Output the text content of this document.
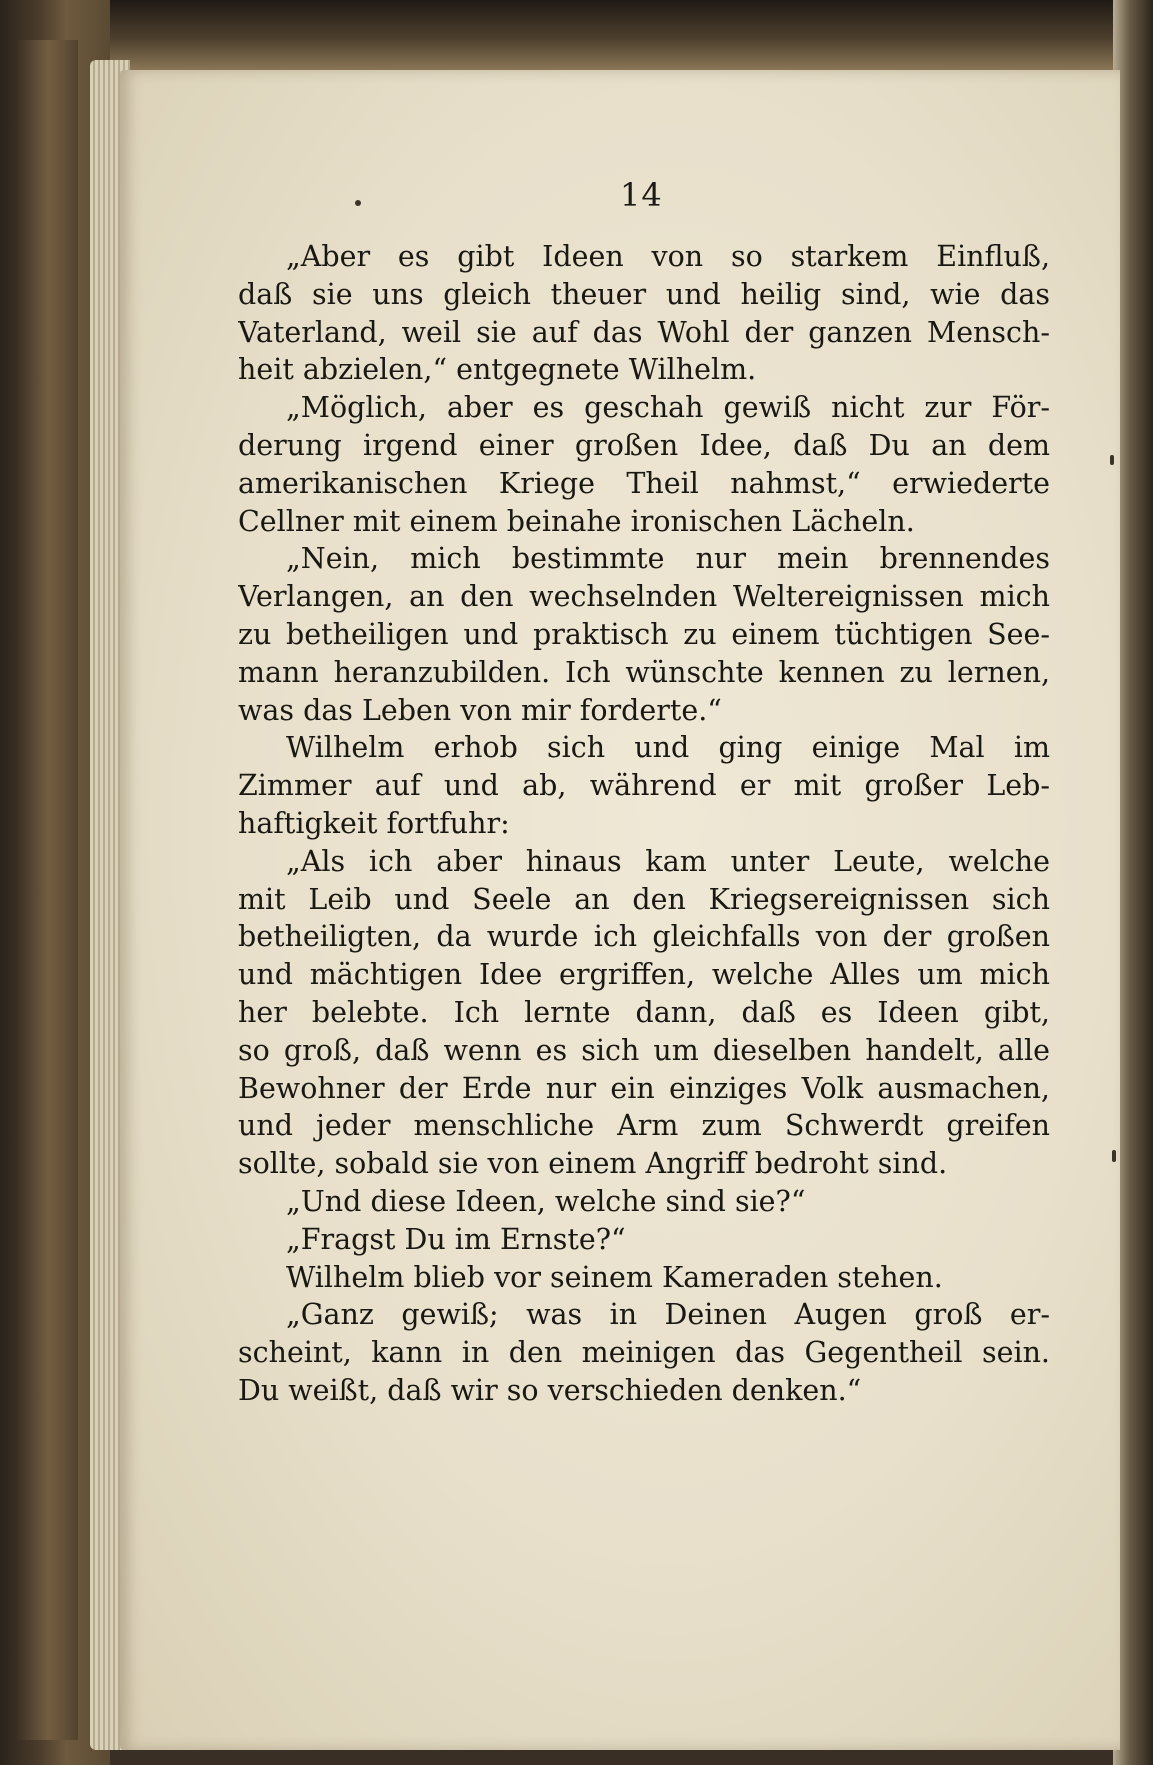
14
„Aber es gibt Ideen von so starkem Einfluß,
daß sie uns gleich theuer und heilig sind, wie das
Vaterland, weil sie auf das Wohl der ganzen Mensch-
heit abzielen,“ entgegnete Wilhelm.
„Möglich, aber es geschah gewiß nicht zur För-
derung irgend einer großen Idee, daß Du an dem
amerikanischen Kriege Theil nahmst,“ erwiederte
Cellner mit einem beinahe ironischen Lächeln.
„Nein, mich bestimmte nur mein brennendes
Verlangen, an den wechselnden Weltereignissen mich
zu betheiligen und praktisch zu einem tüchtigen See-
mann heranzubilden. Ich wünschte kennen zu lernen,
was das Leben von mir forderte.“
Wilhelm erhob sich und ging einige Mal im
Zimmer auf und ab, während er mit großer Leb-
haftigkeit fortfuhr:
„Als ich aber hinaus kam unter Leute, welche
mit Leib und Seele an den Kriegsereignissen sich
betheiligten, da wurde ich gleichfalls von der großen
und mächtigen Idee ergriffen, welche Alles um mich
her belebte. Ich lernte dann, daß es Ideen gibt,
so groß, daß wenn es sich um dieselben handelt, alle
Bewohner der Erde nur ein einziges Volk ausmachen,
und jeder menschliche Arm zum Schwerdt greifen
sollte, sobald sie von einem Angriff bedroht sind.
„Und diese Ideen, welche sind sie?“
„Fragst Du im Ernste?“
Wilhelm blieb vor seinem Kameraden stehen.
„Ganz gewiß; was in Deinen Augen groß er-
scheint, kann in den meinigen das Gegentheil sein.
Du weißt, daß wir so verschieden denken.“
